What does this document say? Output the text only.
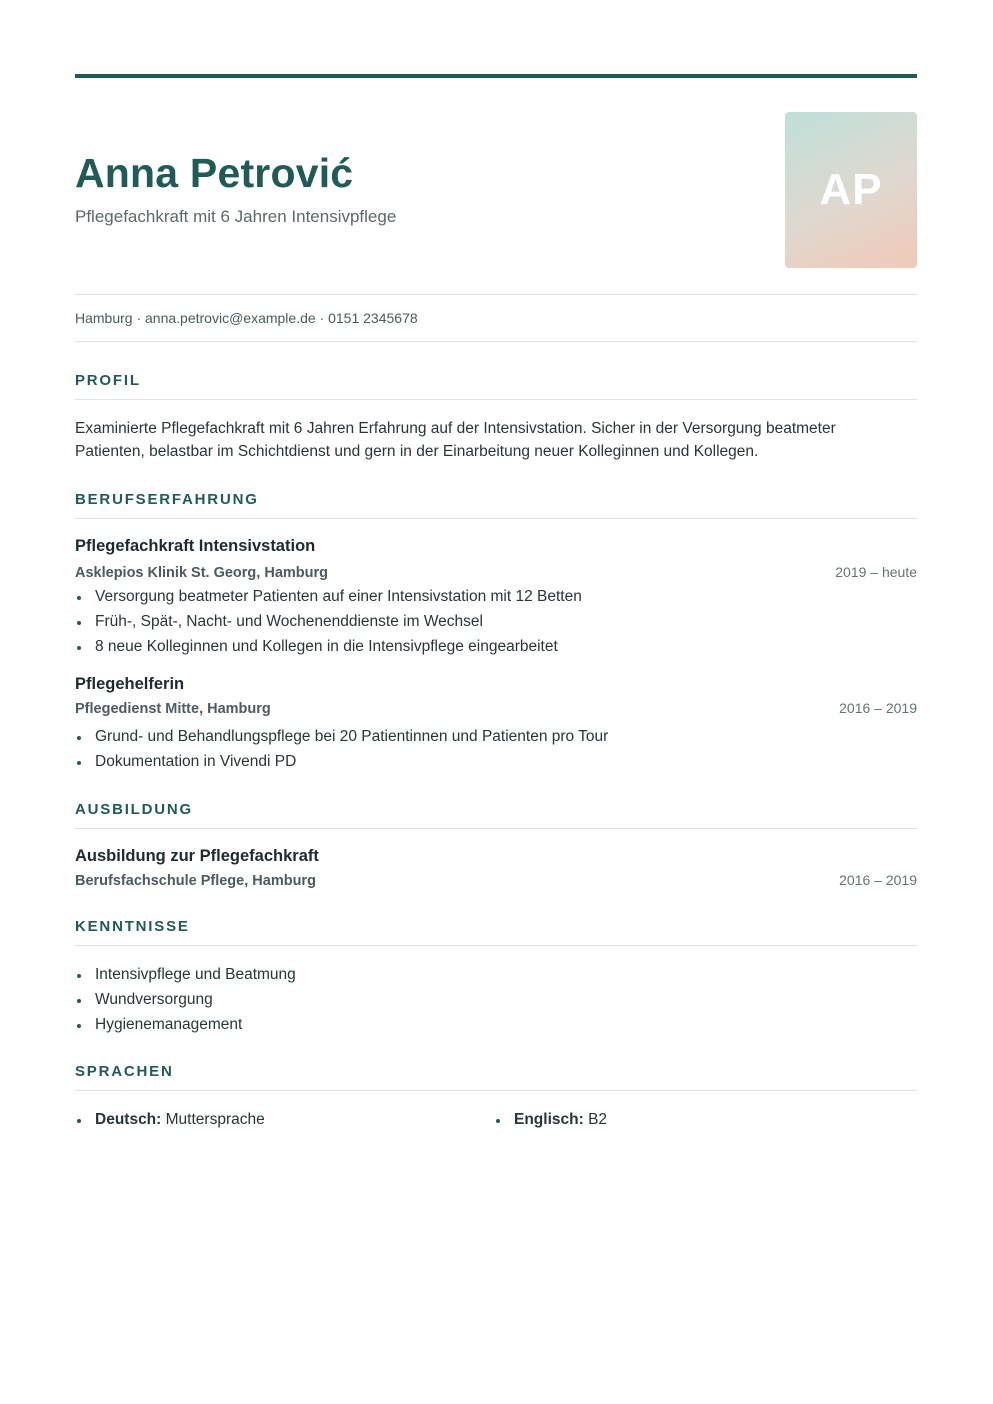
Anna Petrović

Pflegefachkraft mit 6 Jahren Intensivpflege

AP
Hamburg · anna.petrovic@example.de · 0151 2345678
PROFIL

Examinierte Pflegefachkraft mit 6 Jahren Erfahrung auf der Intensivstation. Sicher in der Versorgung beatmeter Patienten, belastbar im Schichtdienst und gern in der Einarbeitung neuer Kolleginnen und Kollegen.

BERUFSERFAHRUNG
Pflegefachkraft Intensivstation
Asklepios Klinik St. Georg, Hamburg	2019 – heute
Versorgung beatmeter Patienten auf einer Intensivstation mit 12 Betten
Früh-, Spät-, Nacht- und Wochenenddienste im Wechsel
8 neue Kolleginnen und Kollegen in die Intensivpflege eingearbeitet
Pflegehelferin
Pflegedienst Mitte, Hamburg	2016 – 2019
Grund- und Behandlungspflege bei 20 Patientinnen und Patienten pro Tour
Dokumentation in Vivendi PD
AUSBILDUNG
Ausbildung zur Pflegefachkraft
Berufsfachschule Pflege, Hamburg	2016 – 2019
KENNTNISSE
Intensivpflege und Beatmung
Wundversorgung
Hygienemanagement
SPRACHEN
Deutsch: Muttersprache	Englisch: B2
